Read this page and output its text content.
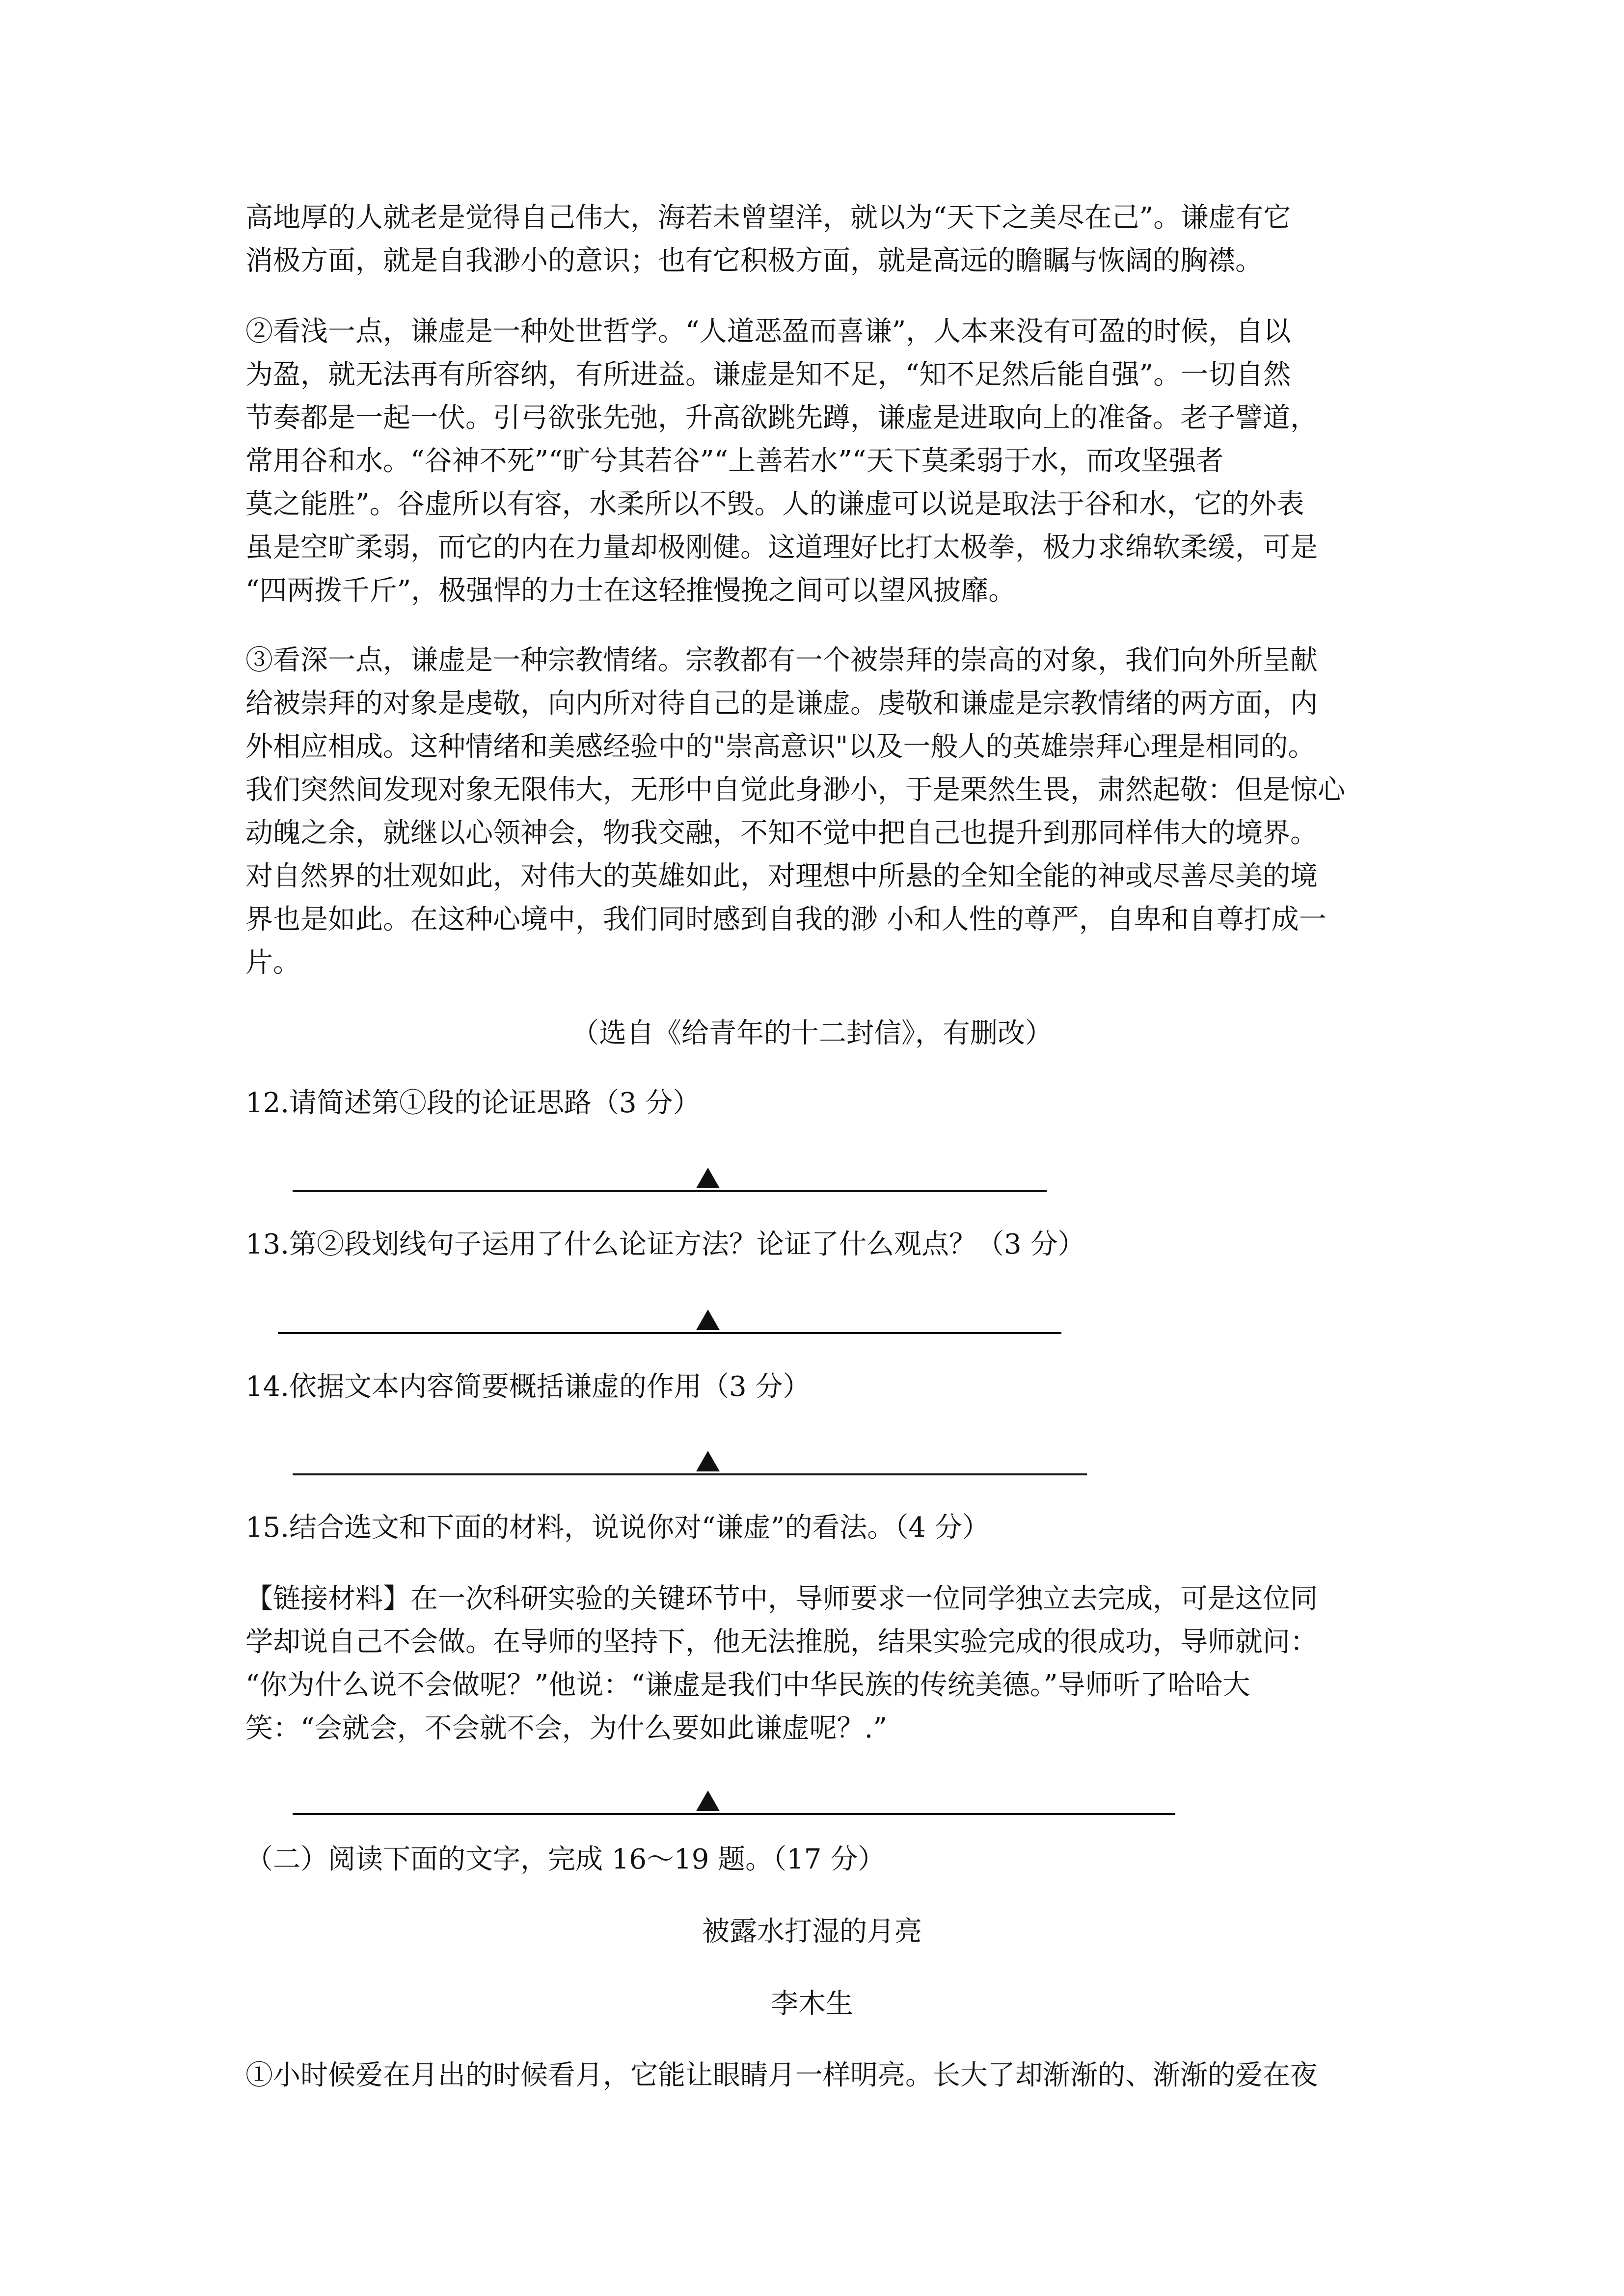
高地厚的人就老是觉得自己伟大，海若未曾望洋，就以为“天下之美尽在己”。谦虚有它

消极方面，就是自我渺小的意识；也有它积极方面，就是高远的瞻瞩与恢阔的胸襟。

②看浅一点，谦虚是一种处世哲学。“人道恶盈而喜谦”，人本来没有可盈的时候，自以

为盈，就无法再有所容纳，有所进益。谦虚是知不足，“知不足然后能自强”。一切自然

节奏都是一起一伏。引弓欲张先弛，升高欲跳先蹲，谦虚是进取向上的准备。老子譬道，

常用谷和水。“谷神不死”“旷兮其若谷”“上善若水”“天下莫柔弱于水，而攻坚强者

莫之能胜”。谷虚所以有容，水柔所以不毁。人的谦虚可以说是取法于谷和水，它的外表

虽是空旷柔弱，而它的内在力量却极刚健。这道理好比打太极拳，极力求绵软柔缓，可是

“四两拨千斤”，极强悍的力士在这轻推慢挽之间可以望风披靡。

③看深一点，谦虚是一种宗教情绪。宗教都有一个被崇拜的崇高的对象，我们向外所呈献

给被崇拜的对象是虔敬，向内所对待自己的是谦虚。虔敬和谦虚是宗教情绪的两方面，内

外相应相成。这种情绪和美感经验中的"崇高意识"以及一般人的英雄崇拜心理是相同的。

我们突然间发现对象无限伟大，无形中自觉此身渺小，于是栗然生畏，肃然起敬：但是惊心

动魄之余，就继以心领神会，物我交融，不知不觉中把自己也提升到那同样伟大的境界。

对自然界的壮观如此，对伟大的英雄如此，对理想中所悬的全知全能的神或尽善尽美的境

界也是如此。在这种心境中，我们同时感到自我的渺 小和人性的尊严，自卑和自尊打成一

片。

（选自《给青年的十二封信》，有删改）

12.请简述第①段的论证思路（3 分）

13.第②段划线句子运用了什么论证方法？论证了什么观点？（3 分）

14.依据文本内容简要概括谦虚的作用（3 分）

15.结合选文和下面的材料，说说你对“谦虚”的看法。（4 分）

【链接材料】在一次科研实验的关键环节中，导师要求一位同学独立去完成，可是这位同

学却说自己不会做。在导师的坚持下，他无法推脱，结果实验完成的很成功，导师就问：

“你为什么说不会做呢？”他说：“谦虚是我们中华民族的传统美德。”导师听了哈哈大

笑：“会就会，不会就不会，为什么要如此谦虚呢？.”

（二）阅读下面的文字，完成 16～19 题。（17 分）

被露水打湿的月亮

李木生

①小时候爱在月出的时候看月，它能让眼睛月一样明亮。长大了却渐渐的、渐渐的爱在夜
